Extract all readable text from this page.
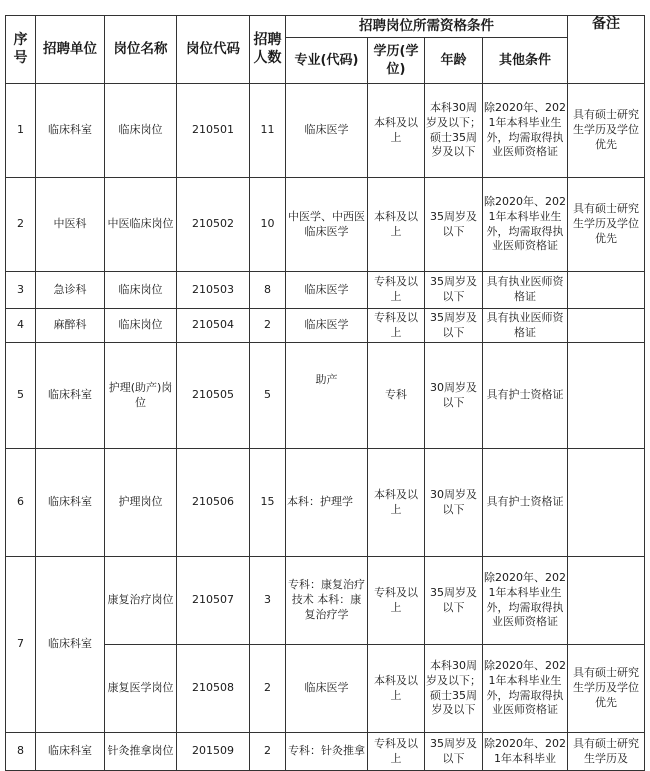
序号	招聘单位	岗位名称	岗位代码	招聘人数	招聘岗位所需资格条件				备注
					专业(代码)	学历(学位)	年龄	其他条件	
1	临床科室	临床岗位	210501	11	临床医学	本科及以上	本科30周岁及以下；硕士35周岁及以下	除2020年、2021年本科毕业生外，均需取得执业医师资格证	具有硕士研究生学历及学位优先
2	中医科	中医临床岗位	210502	10	中医学、中西医临床医学	本科及以上	35周岁及以下	除2020年、2021年本科毕业生外，均需取得执业医师资格证	具有硕士研究生学历及学位优先
3	急诊科	临床岗位	210503	8	临床医学	专科及以上	35周岁及以下	具有执业医师资格证	
4	麻醉科	临床岗位	210504	2	临床医学	专科及以上	35周岁及以下	具有执业医师资格证	
5	临床科室	护理(助产)岗位	210505	5	助产	专科	30周岁及以下	具有护士资格证	
6	临床科室	护理岗位	210506	15	本科：护理学	本科及以上	30周岁及以下	具有护士资格证	
7	临床科室	康复治疗岗位	210507	3	专科：康复治疗技术 本科：康复治疗学	专科及以上	35周岁及以下	除2020年、2021年本科毕业生外，均需取得执业医师资格证	
		康复医学岗位	210508	2	临床医学	本科及以上	本科30周岁及以下；硕士35周岁及以下	除2020年、2021年本科毕业生外，均需取得执业医师资格证	具有硕士研究生学历及学位优先
8	临床科室	针灸推拿岗位	201509	2	专科：针灸推拿	专科及以上	35周岁及以下	除2020年、2021年本科毕业	具有硕士研究生学历及
